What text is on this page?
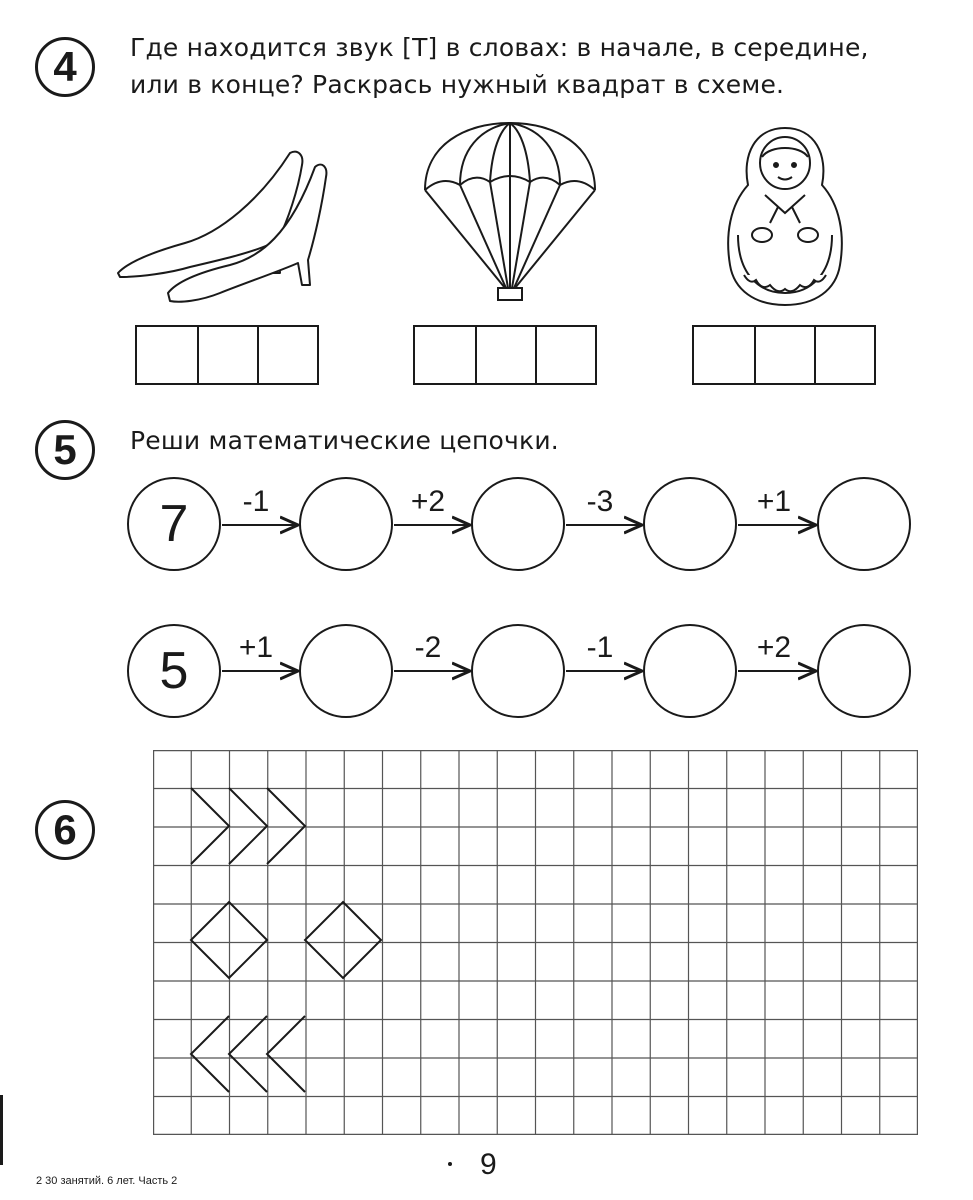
4	Где находится звук [Т] в словах: в начале, в середине,
или в конце? Раскрась нужный квадрат в схеме.
5	Реши математические цепочки.
7	-1	+2	-3	+1
5	+1	-2	-1	+2
6
9
2 30 занятий. 6 лет. Часть 2
